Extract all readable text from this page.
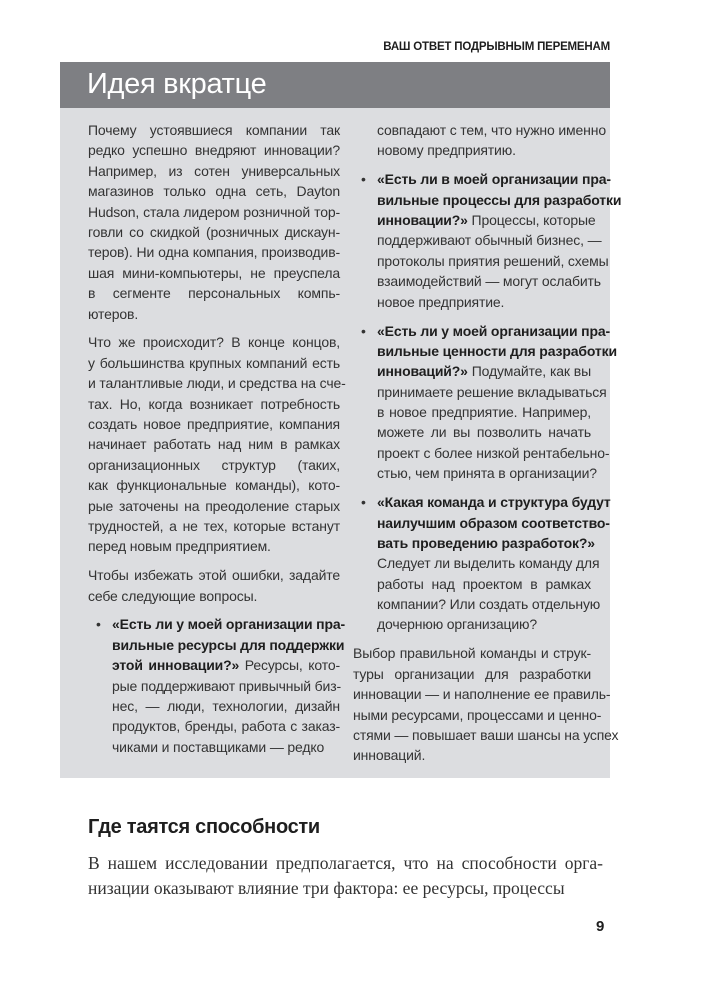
ВАШ ОТВЕТ ПОДРЫВНЫМ ПЕРЕМЕНАМ
Идея вкратце
Почему устоявшиеся компании так
редко успешно внедряют инновации?
Например, из сотен универсальных
магазинов только одна сеть, Dayton
Hudson, стала лидером розничной тор-
говли со скидкой (розничных дискаун-
теров). Ни одна компания, производив-
шая мини-компьютеры, не преуспела
в сегменте персональных компь-
ютеров.
Что же происходит? В конце концов,
у большинства крупных компаний есть
и талантливые люди, и средства на сче-
тах. Но, когда возникает потребность
создать новое предприятие, компания
начинает работать над ним в рамках
организационных структур (таких,
как функциональные команды), кото-
рые заточены на преодоление старых
трудностей, а не тех, которые встанут
перед новым предприятием.
Чтобы избежать этой ошибки, задайте
себе следующие вопросы.
• «Есть ли у моей организации пра-
вильные ресурсы для поддержки
этой инновации?» Ресурсы, кото-
рые поддерживают привычный биз-
нес, — люди, технологии, дизайн
продуктов, бренды, работа с заказ-
чиками и поставщиками — редко
совпадают с тем, что нужно именно
новому предприятию.
• «Есть ли в моей организации пра-
вильные процессы для разработки
инновации?» Процессы, которые
поддерживают обычный бизнес, —
протоколы приятия решений, схемы
взаимодействий — могут ослабить
новое предприятие.
• «Есть ли у моей организации пра-
вильные ценности для разработки
инноваций?» Подумайте, как вы
принимаете решение вкладываться
в новое предприятие. Например,
можете ли вы позволить начать
проект с более низкой рентабельно-
стью, чем принята в организации?
• «Какая команда и структура будут
наилучшим образом соответство-
вать проведению разработок?»
Следует ли выделить команду для
работы над проектом в рамках
компании? Или создать отдельную
дочернюю организацию?
Выбор правильной команды и струк-
туры организации для разработки
инновации — и наполнение ее правиль-
ными ресурсами, процессами и ценно-
стями — повышает ваши шансы на успех
инноваций.
Где таятся способности
В нашем исследовании предполагается, что на способности орга-
низации оказывают влияние три фактора: ее ресурсы, процессы
9
